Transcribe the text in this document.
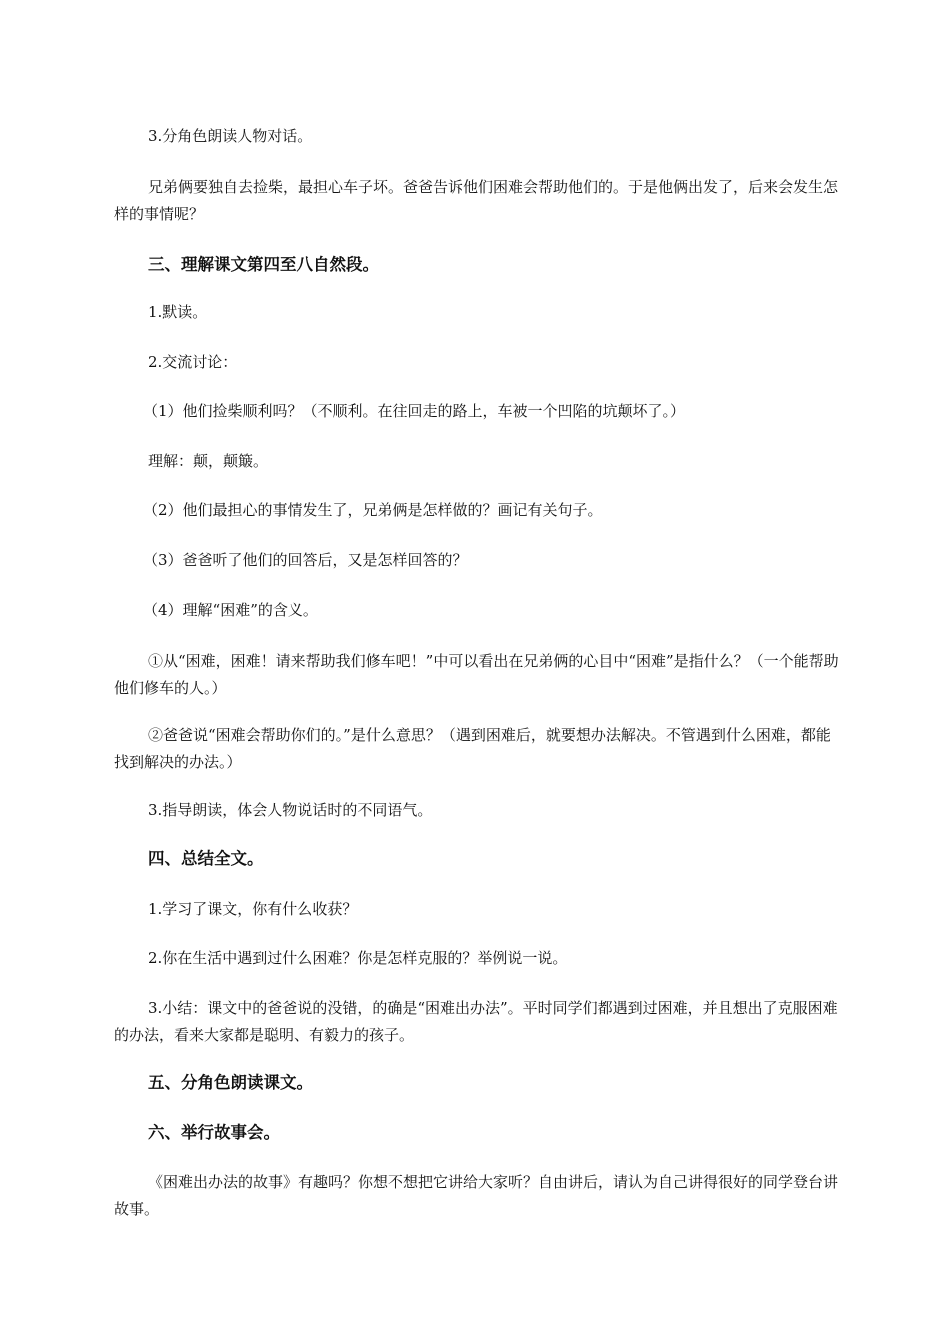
3.分角色朗读人物对话。
兄弟俩要独自去捡柴，最担心车子坏。爸爸告诉他们困难会帮助他们的。于是他俩出发了，后来会发生怎样的事情呢？
三、理解课文第四至八自然段。
1.默读。
2.交流讨论：
（1）他们捡柴顺利吗？（不顺利。在往回走的路上，车被一个凹陷的坑颠坏了。）
理解：颠，颠簸。
（2）他们最担心的事情发生了，兄弟俩是怎样做的？画记有关句子。
（3）爸爸听了他们的回答后，又是怎样回答的？
（4）理解“困难”的含义。
①从“困难，困难！请来帮助我们修车吧！”中可以看出在兄弟俩的心目中“困难”是指什么？（一个能帮助他们修车的人。）
②爸爸说“困难会帮助你们的。”是什么意思？（遇到困难后，就要想办法解决。不管遇到什么困难，都能找到解决的办法。）
3.指导朗读，体会人物说话时的不同语气。
四、总结全文。
1.学习了课文，你有什么收获？
2.你在生活中遇到过什么困难？你是怎样克服的？举例说一说。
3.小结：课文中的爸爸说的没错，的确是“困难出办法”。平时同学们都遇到过困难，并且想出了克服困难的办法，看来大家都是聪明、有毅力的孩子。
五、分角色朗读课文。
六、举行故事会。
《困难出办法的故事》有趣吗？你想不想把它讲给大家听？自由讲后，请认为自己讲得很好的同学登台讲故事。
